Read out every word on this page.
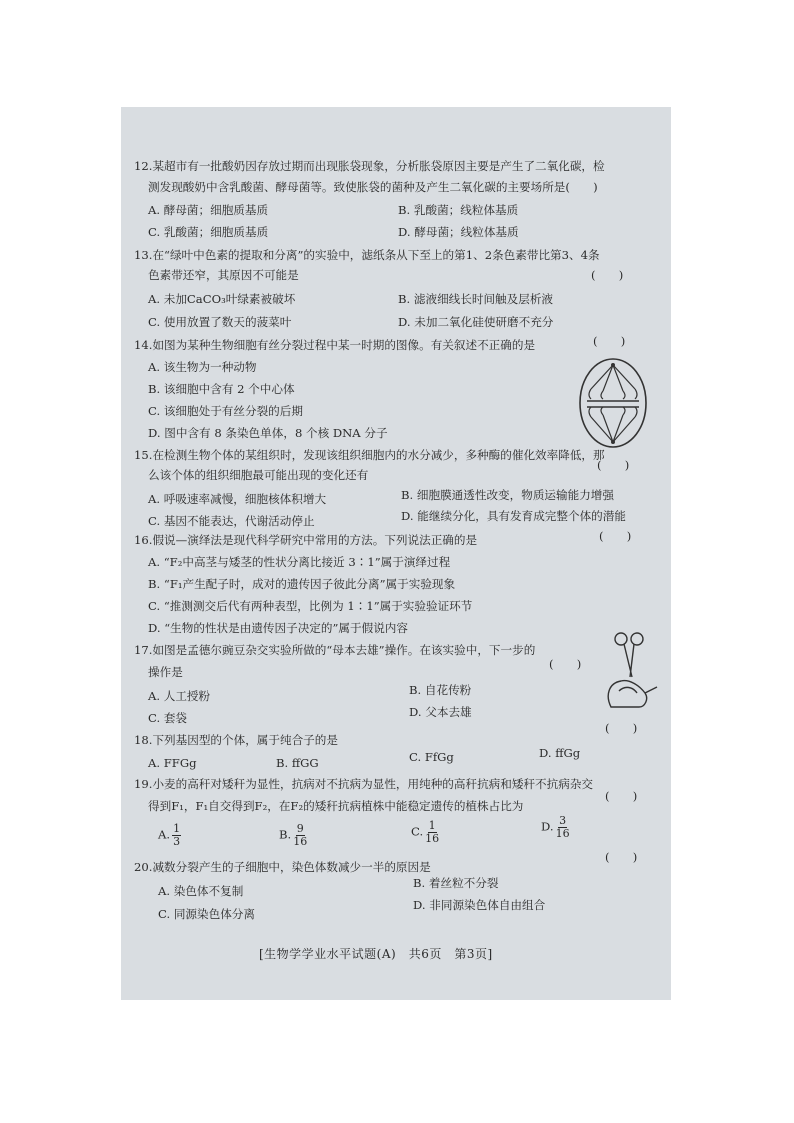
12.某超市有一批酸奶因存放过期而出现胀袋现象，分析胀袋原因主要是产生了二氧化碳，检
测发现酸奶中含乳酸菌、酵母菌等。致使胀袋的菌种及产生二氧化碳的主要场所是(　　)
A. 酵母菌；细胞质基质	B. 乳酸菌；线粒体基质
C. 乳酸菌；细胞质基质	D. 酵母菌；线粒体基质
13.在“绿叶中色素的提取和分离”的实验中，滤纸条从下至上的第1、2条色素带比第3、4条
色素带还窄，其原因不可能是	(　　)
A. 未加CaCO₃叶绿素被破坏	B. 滤液细线长时间触及层析液
C. 使用放置了数天的菠菜叶	D. 未加二氧化硅使研磨不充分
14.如图为某种生物细胞有丝分裂过程中某一时期的图像。有关叙述不正确的是	(　　)
A. 该生物为一种动物
B. 该细胞中含有 2 个中心体
C. 该细胞处于有丝分裂的后期
D. 图中含有 8 条染色单体，8 个核 DNA 分子
15.在检测生物个体的某组织时，发现该组织细胞内的水分减少，多种酶的催化效率降低，那
么该个体的组织细胞最可能出现的变化还有
(　　)
A. 呼吸速率减慢，细胞核体积增大	B. 细胞膜通透性改变，物质运输能力增强
C. 基因不能表达，代谢活动停止	D. 能继续分化，具有发育成完整个体的潜能
16.假说—演绎法是现代科学研究中常用的方法。下列说法正确的是	(　　)
A. “F₂中高茎与矮茎的性状分离比接近 3∶1”属于演绎过程
B. “F₁产生配子时，成对的遗传因子彼此分离”属于实验现象
C. “推测测交后代有两种表型，比例为 1∶1”属于实验验证环节
D. “生物的性状是由遗传因子决定的”属于假说内容
17.如图是孟德尔豌豆杂交实验所做的“母本去雄”操作。在该实验中，下一步的
操作是
(　　)
A. 人工授粉	B. 自花传粉
C. 套袋	D. 父本去雄
18.下列基因型的个体，属于纯合子的是
(　　)
A. FFGg	B. ffGG	C. FfGg	D. ffGg
19.小麦的高秆对矮秆为显性，抗病对不抗病为显性，用纯种的高秆抗病和矮秆不抗病杂交
得到F₁，F₁自交得到F₂，在F₂的矮秆抗病植株中能稳定遗传的植株占比为
(　　)
A. $\frac{1}{3}$	B. $\frac{9}{16}$	C. $\frac{1}{16}$	D. $\frac{3}{16}$
20.减数分裂产生的子细胞中，染色体数减少一半的原因是
(　　)
A. 染色体不复制
B. 着丝粒不分裂
C. 同源染色体分离
D. 非同源染色体自由组合
[生物学学业水平试题(A)　共6页　第3页]
